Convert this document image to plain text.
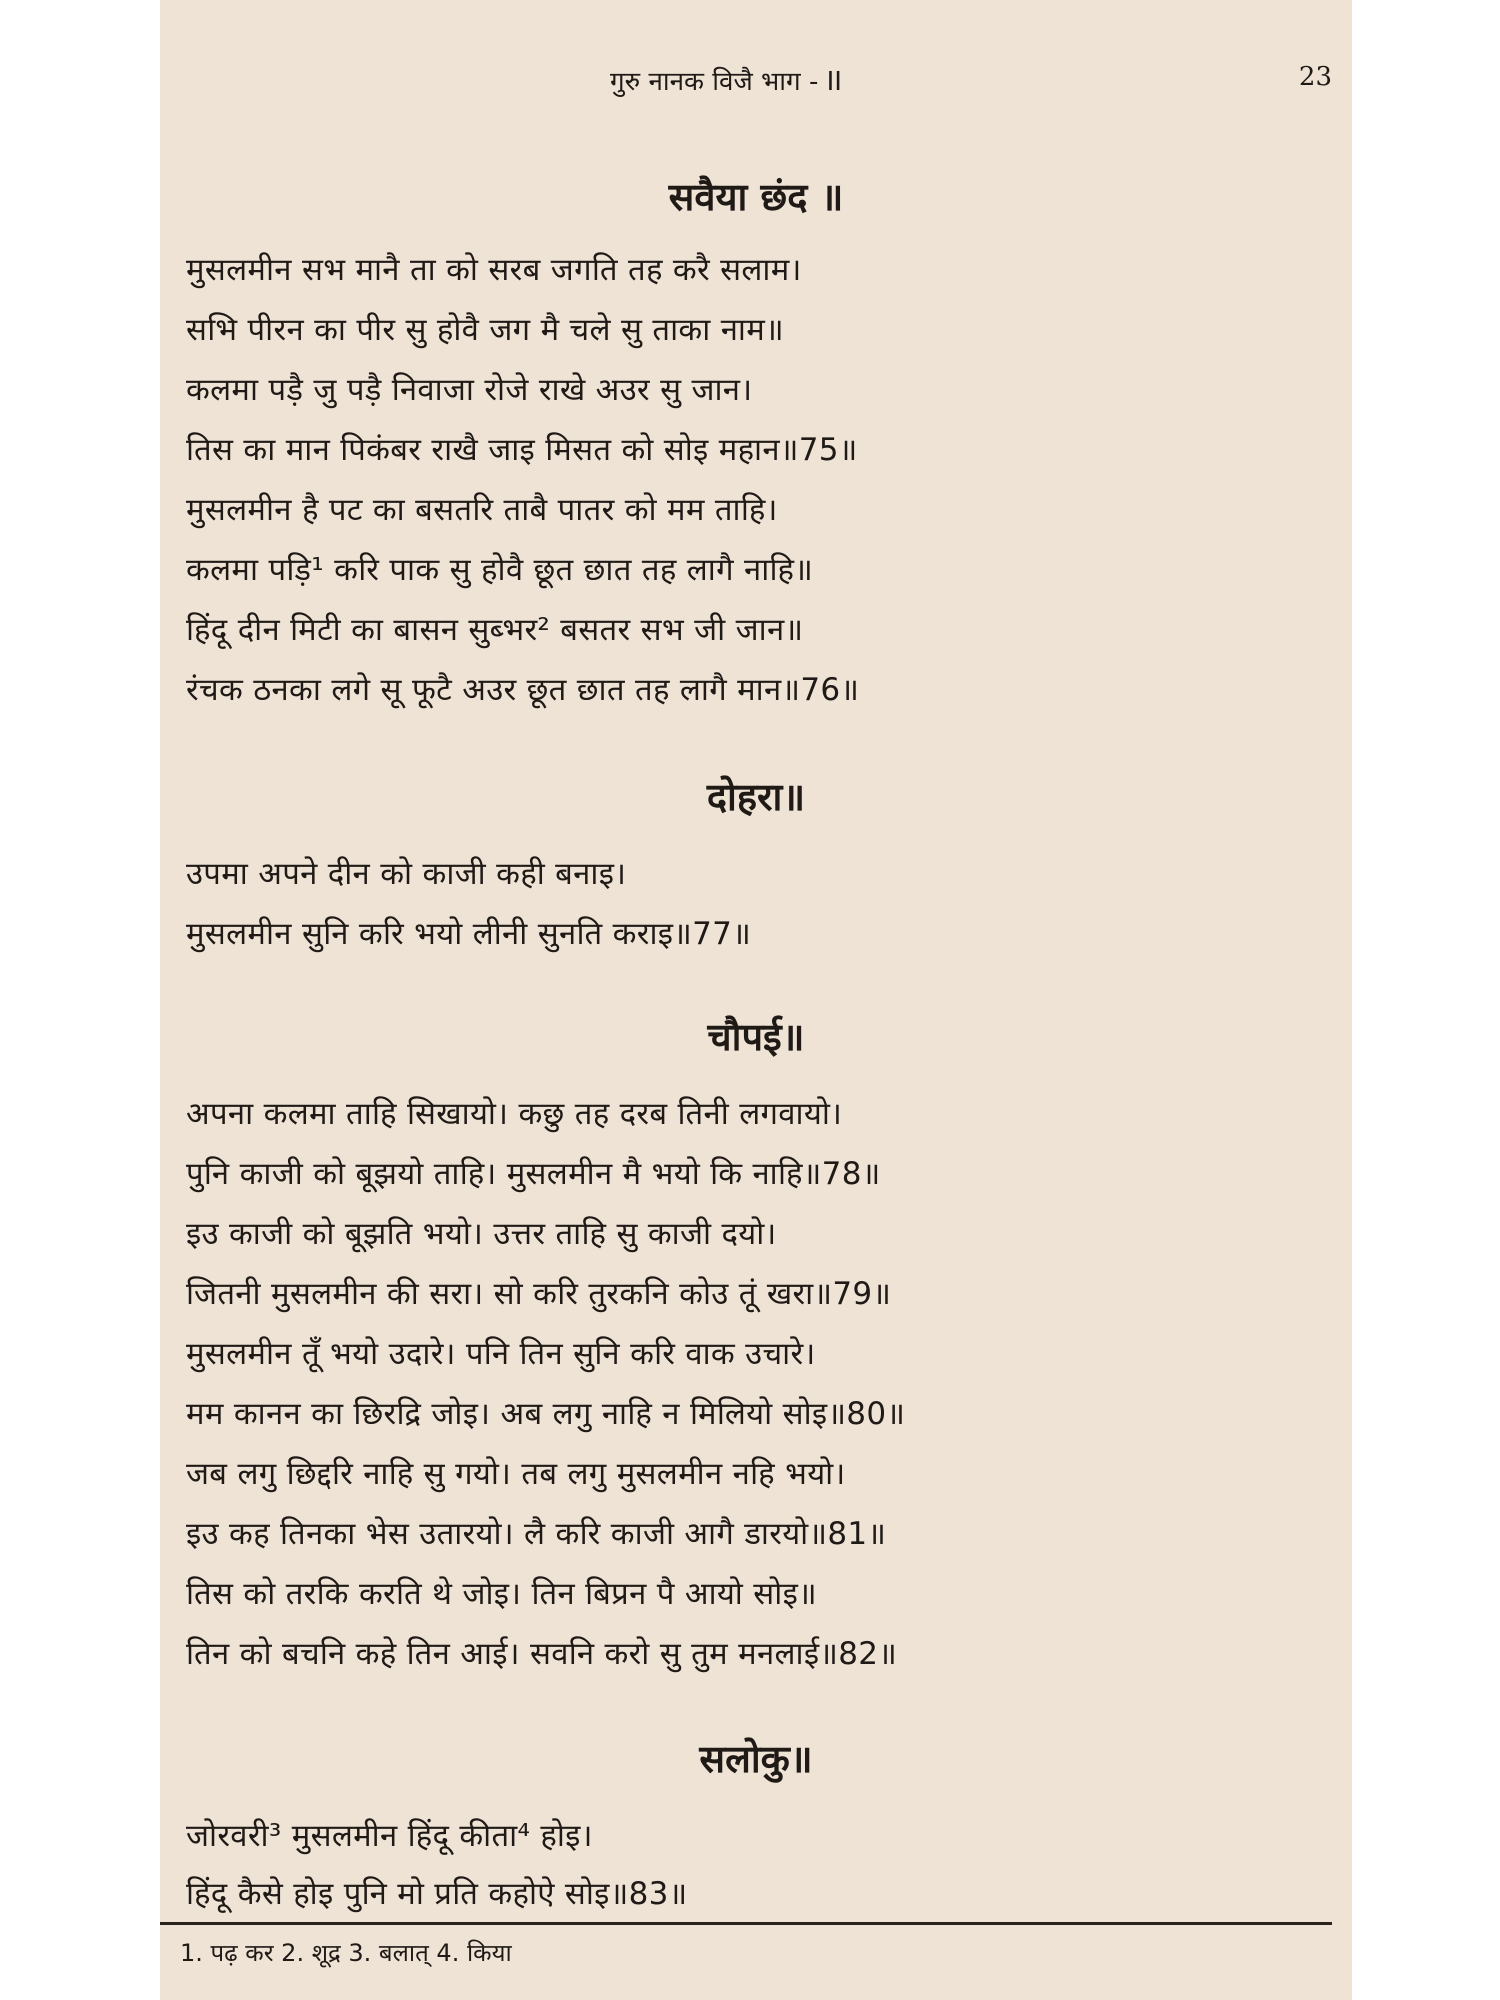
गुरु नानक विजै भाग - II	23
सवैया छंद ॥
मुसलमीन सभ मानै ता को सरब जगति तह करै सलाम।
सभि पीरन का पीर सु होवै जग मै चले सु ताका नाम॥
कलमा पड़ै जु पड़ै निवाजा रोजे राखे अउर सु जान।
तिस का मान पिकंबर राखै जाइ मिसत को सोइ महान॥75॥
मुसलमीन है पट का बसतरि ताबै पातर को मम ताहि।
कलमा पड़ि¹ करि पाक सु होवै छूत छात तह लागै नाहि॥
हिंदू दीन मिटी का बासन सुब्भर² बसतर सभ जी जान॥
रंचक ठनका लगे सू फूटै अउर छूत छात तह लागै मान॥76॥
दोहरा॥
उपमा अपने दीन को काजी कही बनाइ।
मुसलमीन सुनि करि भयो लीनी सुनति कराइ॥77॥
चौपई॥
अपना कलमा ताहि सिखायो। कछु तह दरब तिनी लगवायो।
पुनि काजी को बूझयो ताहि। मुसलमीन मै भयो कि नाहि॥78॥
इउ काजी को बूझति भयो। उत्तर ताहि सु काजी दयो।
जितनी मुसलमीन की सरा। सो करि तुरकनि कोउ तूं खरा॥79॥
मुसलमीन तूँ भयो उदारे। पनि तिन सुनि करि वाक उचारे।
मम कानन का छिरद्रि जोइ। अब लगु नाहि न मिलियो सोइ॥80॥
जब लगु छिद्दरि नाहि सु गयो। तब लगु मुसलमीन नहि भयो।
इउ कह तिनका भेस उतारयो। लै करि काजी आगै डारयो॥81॥
तिस को तरकि करति थे जोइ। तिन बिप्रन पै आयो सोइ॥
तिन को बचनि कहे तिन आई। सवनि करो सु तुम मनलाई॥82॥
सलोकु॥
जोरवरी³ मुसलमीन हिंदू कीता⁴ होइ।
हिंदू कैसे होइ पुनि मो प्रति कहोऐ सोइ॥83॥
1. पढ़ कर 2. शूद्र 3. बलात् 4. किया
